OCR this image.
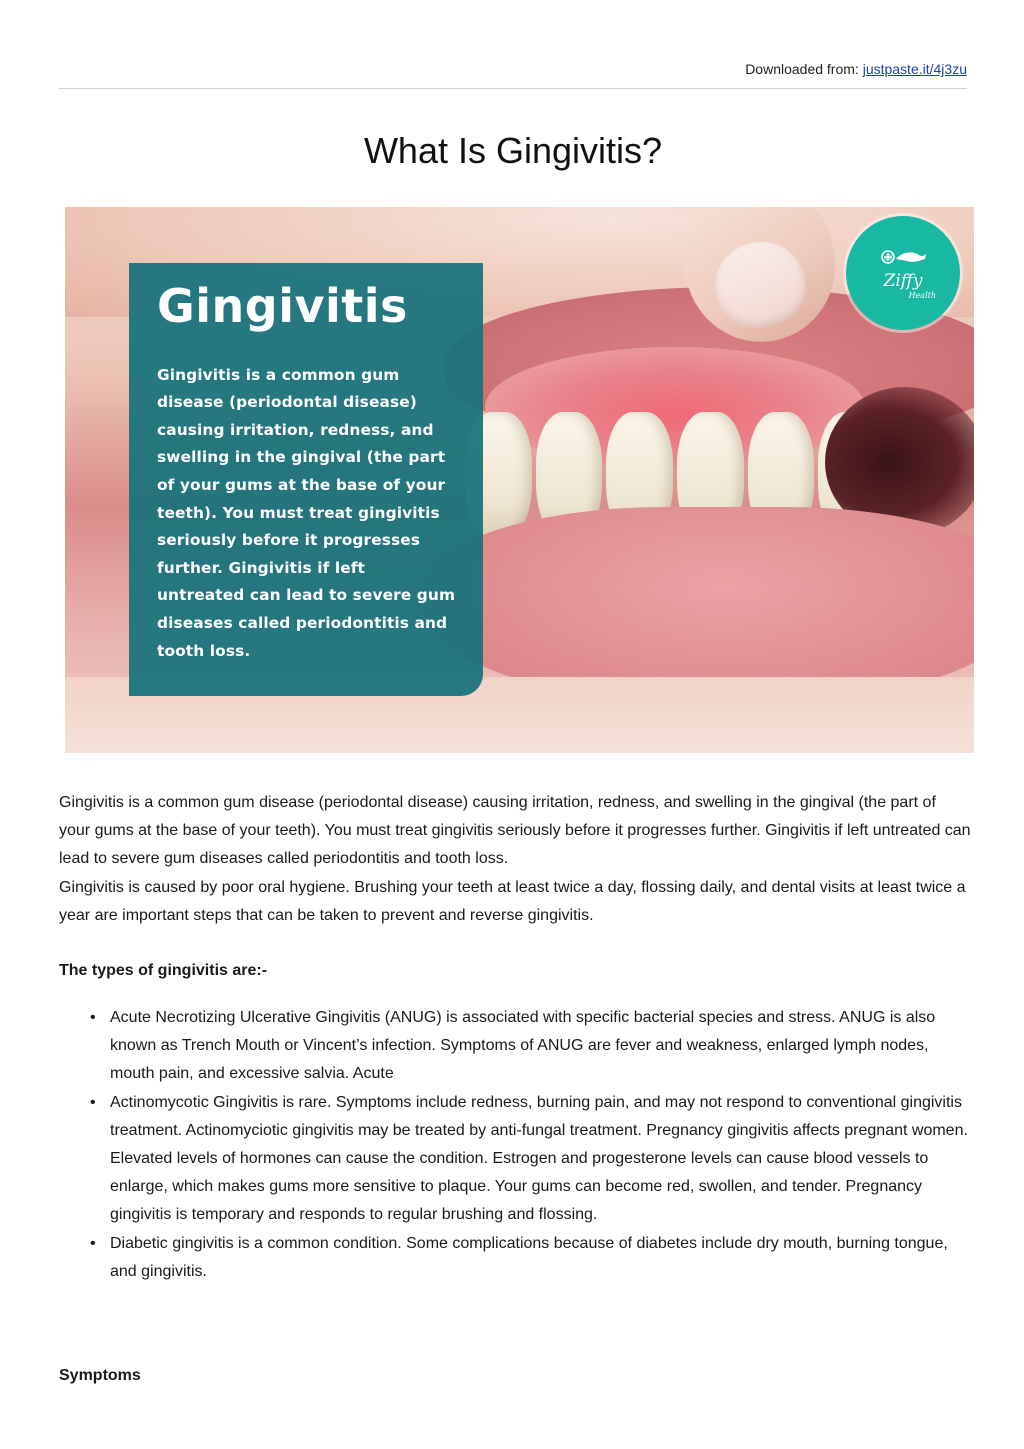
Downloaded from: justpaste.it/4j3zu
What Is Gingivitis?
Gingivitis
Gingivitis is a common gum disease (periodontal disease) causing irritation, redness, and swelling in the gingival (the part of your gums at the base of your teeth). You must treat gingivitis seriously before it progresses further. Gingivitis if left untreated can lead to severe gum diseases called periodontitis and tooth loss.
Ziffy
Health

Gingivitis is a common gum disease (periodontal disease) causing irritation, redness, and swelling in the gingival (the part of your gums at the base of your teeth). You must treat gingivitis seriously before it progresses further. Gingivitis if left untreated can lead to severe gum diseases called periodontitis and tooth loss.

Gingivitis is caused by poor oral hygiene. Brushing your teeth at least twice a day, flossing daily, and dental visits at least twice a year are important steps that can be taken to prevent and reverse gingivitis.

The types of gingivitis are:-

• Acute Necrotizing Ulcerative Gingivitis (ANUG) is associated with specific bacterial species and stress. ANUG is also known as Trench Mouth or Vincent’s infection. Symptoms of ANUG are fever and weakness, enlarged lymph nodes, mouth pain, and excessive salvia. Acute
• Actinomycotic Gingivitis is rare. Symptoms include redness, burning pain, and may not respond to conventional gingivitis treatment. Actinomyciotic gingivitis may be treated by anti-fungal treatment. Pregnancy gingivitis affects pregnant women. Elevated levels of hormones can cause the condition. Estrogen and progesterone levels can cause blood vessels to enlarge, which makes gums more sensitive to plaque. Your gums can become red, swollen, and tender. Pregnancy gingivitis is temporary and responds to regular brushing and flossing.
• Diabetic gingivitis is a common condition. Some complications because of diabetes include dry mouth, burning tongue, and gingivitis.

Symptoms
